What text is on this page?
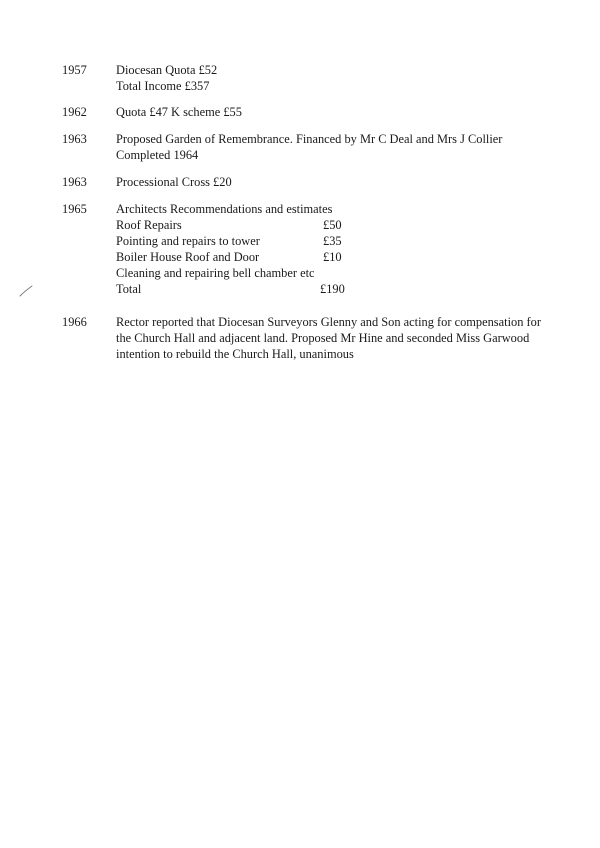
1957	Diocesan Quota £52
Total Income £357
1962	Quota £47 K scheme £55
1963	Proposed Garden of Remembrance. Financed by Mr C Deal and Mrs J Collier
Completed 1964
1963	Processional Cross £20
1965	Architects Recommendations and estimates
Roof Repairs	£50
Pointing and repairs to tower	£35
Boiler House Roof and Door	£10
Cleaning and repairing bell chamber etc
Total	£190
1966	Rector reported that Diocesan Surveyors Glenny and Son acting for compensation for
the Church Hall and adjacent land. Proposed Mr Hine and seconded Miss Garwood
intention to rebuild the Church Hall, unanimous
